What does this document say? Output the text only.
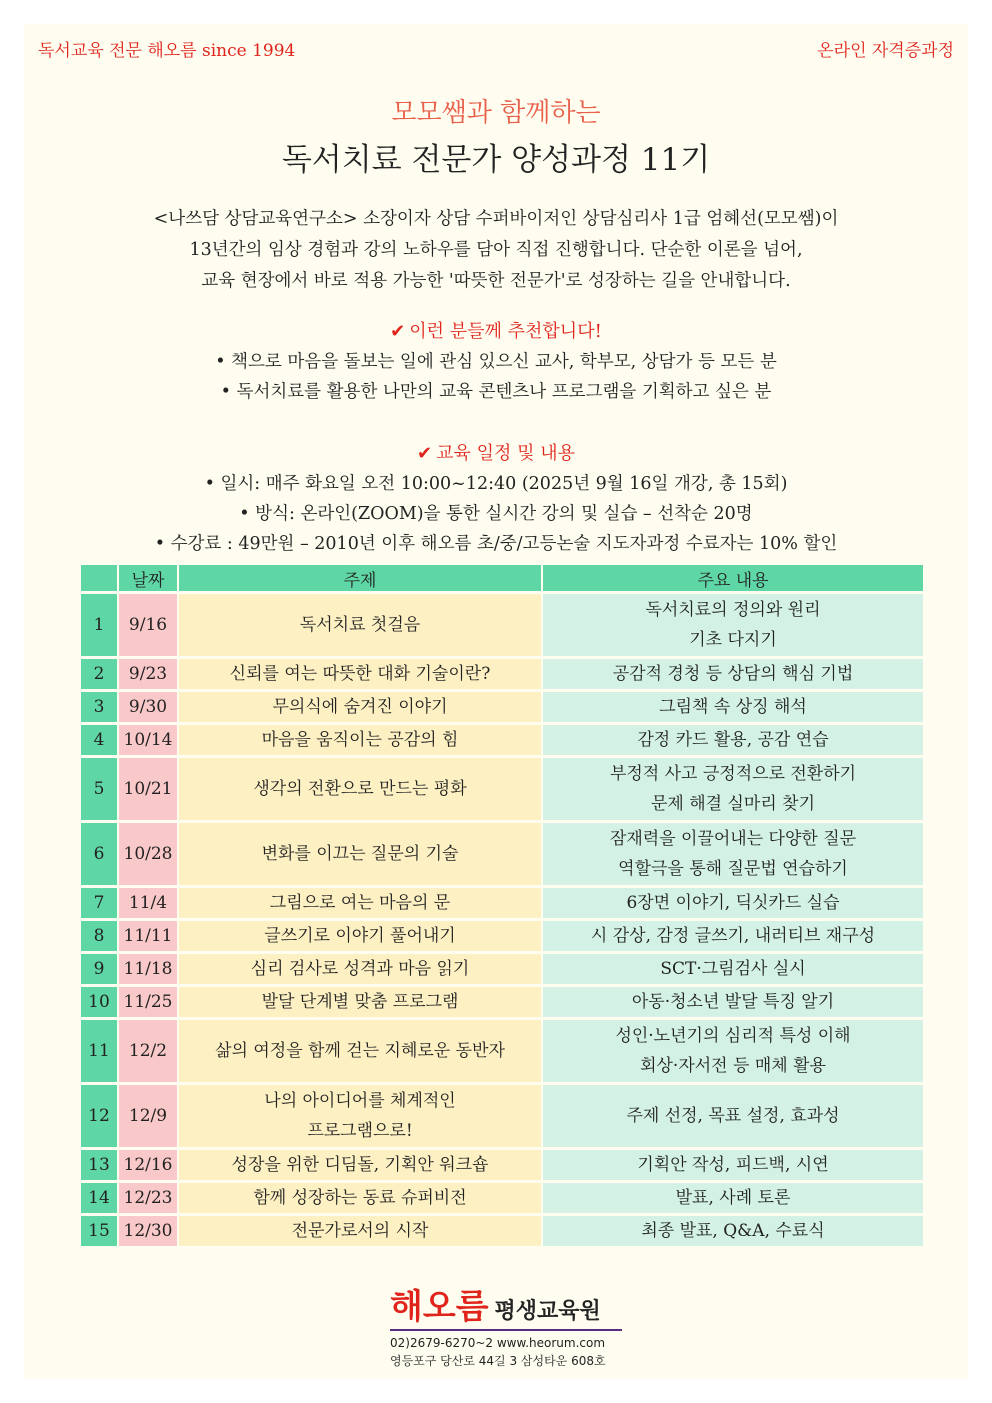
독서교육 전문 해오름 since 1994	온라인 자격증과정
모모쌤과 함께하는
독서치료 전문가 양성과정 11기
<나쓰담 상담교육연구소> 소장이자 상담 수퍼바이저인 상담심리사 1급 엄혜선(모모쌤)이
13년간의 임상 경험과 강의 노하우를 담아 직접 진행합니다. 단순한 이론을 넘어,
교육 현장에서 바로 적용 가능한 '따뜻한 전문가'로 성장하는 길을 안내합니다.
✔ 이런 분들께 추천합니다!
• 책으로 마음을 돌보는 일에 관심 있으신 교사, 학부모, 상담가 등 모든 분
• 독서치료를 활용한 나만의 교육 콘텐츠나 프로그램을 기획하고 싶은 분
✔ 교육 일정 및 내용
• 일시: 매주 화요일 오전 10:00~12:40 (2025년 9월 16일 개강, 총 15회)
• 방식: 온라인(ZOOM)을 통한 실시간 강의 및 실습 – 선착순 20명
• 수강료 : 49만원 – 2010년 이후 해오름 초/중/고등논술 지도자과정 수료자는 10% 할인
	날짜	주제	주요 내용
1	9/16	독서치료 첫걸음	독서치료의 정의와 원리
기초 다지기

2	9/23	신뢰를 여는 따뜻한 대화 기술이란?	공감적 경청 등 상담의 핵심 기법

3	9/30	무의식에 숨겨진 이야기	그림책 속 상징 해석

4	10/14	마음을 움직이는 공감의 힘	감정 카드 활용, 공감 연습

5	10/21	생각의 전환으로 만드는 평화	부정적 사고 긍정적으로 전환하기
문제 해결 실마리 찾기

6	10/28	변화를 이끄는 질문의 기술	잠재력을 이끌어내는 다양한 질문
역할극을 통해 질문법 연습하기

7	11/4	그림으로 여는 마음의 문	6장면 이야기, 딕싯카드 실습

8	11/11	글쓰기로 이야기 풀어내기	시 감상, 감정 글쓰기, 내러티브 재구성

9	11/18	심리 검사로 성격과 마음 읽기	SCT·그림검사 실시

10	11/25	발달 단계별 맞춤 프로그램	아동·청소년 발달 특징 알기

11	12/2	삶의 여정을 함께 걷는 지혜로운 동반자	성인·노년기의 심리적 특성 이해
회상·자서전 등 매체 활용

12	12/9	나의 아이디어를 체계적인
프로그램으로!	주제 선정, 목표 설정, 효과성

13	12/16	성장을 위한 디딤돌, 기획안 워크숍	기획안 작성, 피드백, 시연

14	12/23	함께 성장하는 동료 슈퍼비전	발표, 사례 토론

15	12/30	전문가로서의 시작	최종 발표, Q&A, 수료식
해오름 평생교육원
02)2679-6270~2 www.heorum.com
영등포구 당산로 44길 3 삼성타운 608호
